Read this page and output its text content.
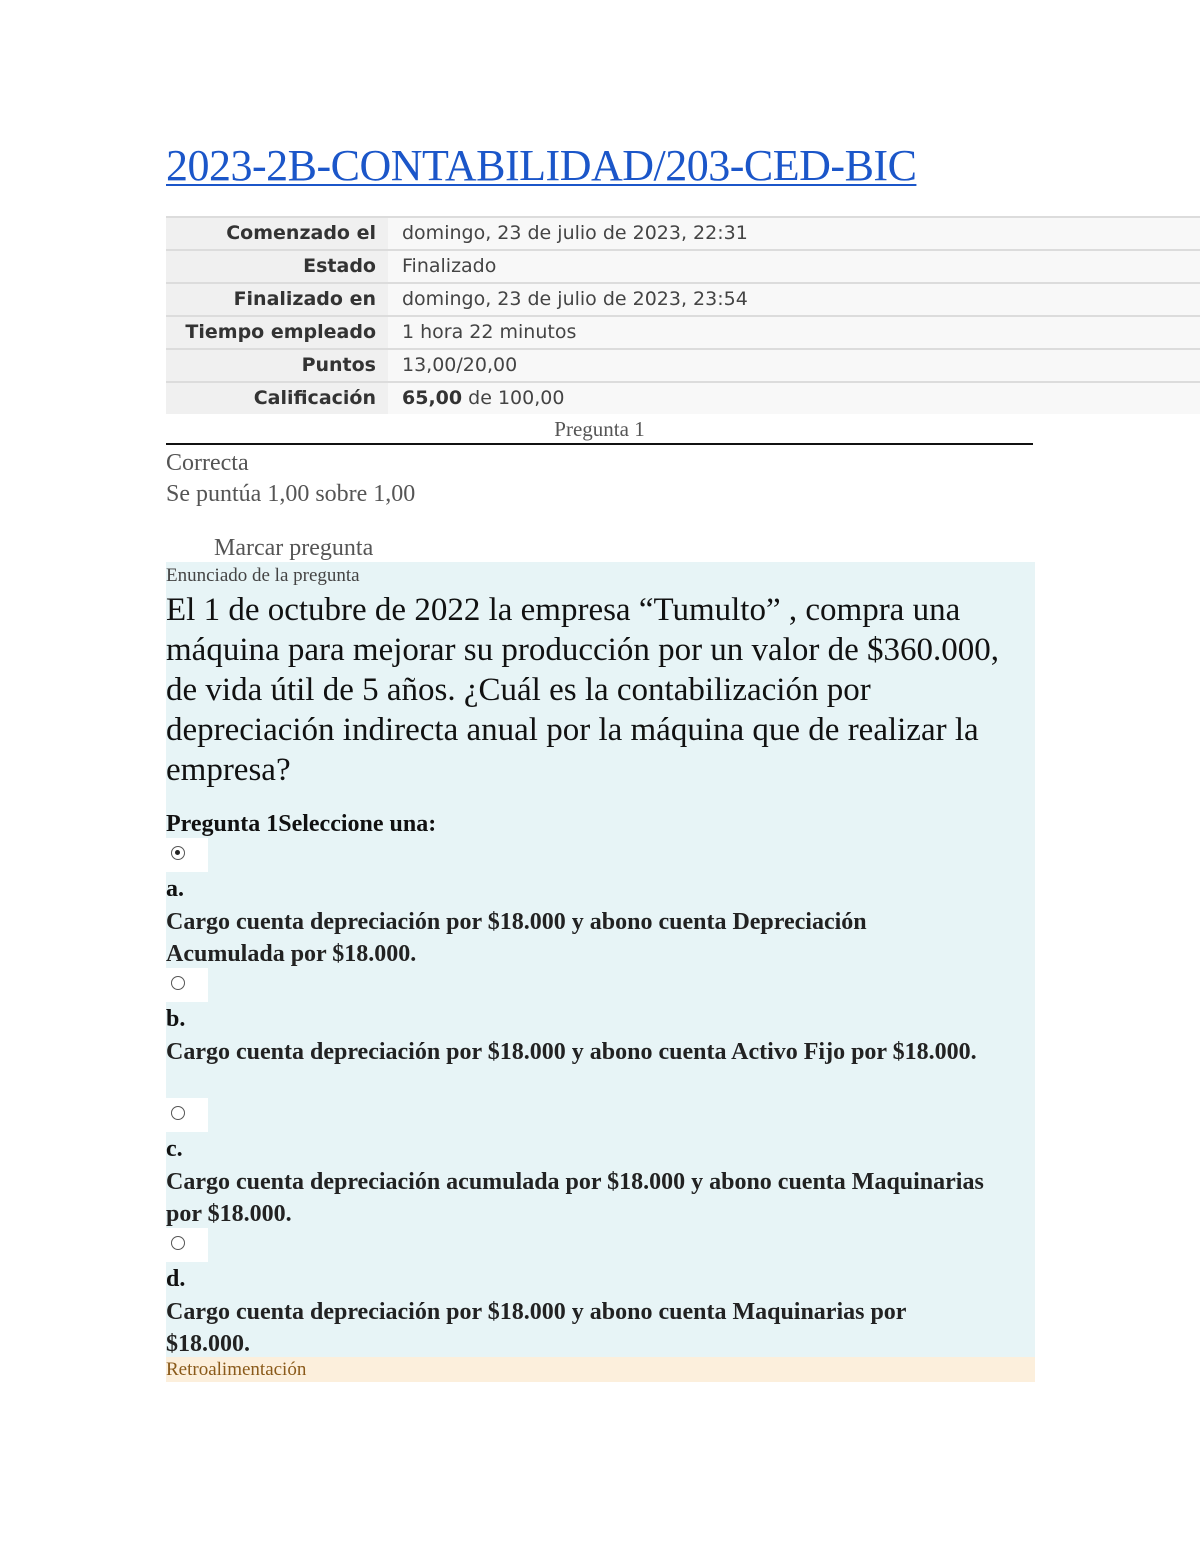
2023-2B-CONTABILIDAD/203-CED-BIC
Comenzado el	domingo, 23 de julio de 2023, 22:31
Estado	Finalizado
Finalizado en	domingo, 23 de julio de 2023, 23:54
Tiempo empleado	1 hora 22 minutos
Puntos	13,00/20,00
Calificación	65,00 de 100,00
Pregunta 1
Correcta
Se puntúa 1,00 sobre 1,00
Marcar pregunta
Enunciado de la pregunta
El 1 de octubre de 2022 la empresa “Tumulto” , compra una máquina para mejorar su producción por un valor de $360.000, de vida útil de 5 años. ¿Cuál es la contabilización por depreciación indirecta anual por la máquina que de realizar la empresa?
Pregunta 1Seleccione una:
a.
Cargo cuenta depreciación por $18.000 y abono cuenta Depreciación Acumulada por $18.000.
b.
Cargo cuenta depreciación por $18.000 y abono cuenta Activo Fijo por $18.000.
c.
Cargo cuenta depreciación acumulada por $18.000 y abono cuenta Maquinarias por $18.000.
d.
Cargo cuenta depreciación por $18.000 y abono cuenta Maquinarias por $18.000.
Retroalimentación
